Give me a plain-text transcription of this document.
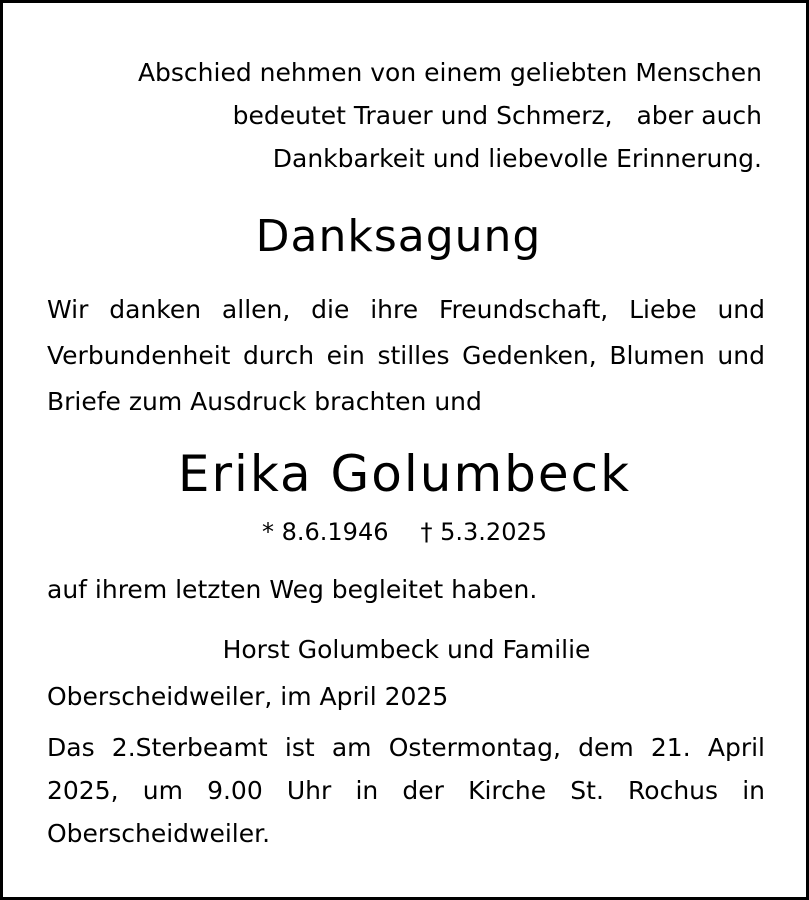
Abschied nehmen von einem geliebten Menschen

bedeutet Trauer und Schmerz,   aber auch

Dankbarkeit und liebevolle Erinnerung.

Danksagung

Wir danken allen, die ihre Freundschaft, Liebe und

Verbundenheit durch ein stilles Gedenken, Blumen und

Briefe zum Ausdruck brachten und

Erika Golumbeck

* 8.6.1946 † 5.3.2025

auf ihrem letzten Weg begleitet haben.

Horst Golumbeck und Familie

Oberscheidweiler, im April 2025

Das 2.Sterbeamt ist am Ostermontag, dem 21. April

2025, um 9.00 Uhr in der Kirche St. Rochus in

Oberscheidweiler.
